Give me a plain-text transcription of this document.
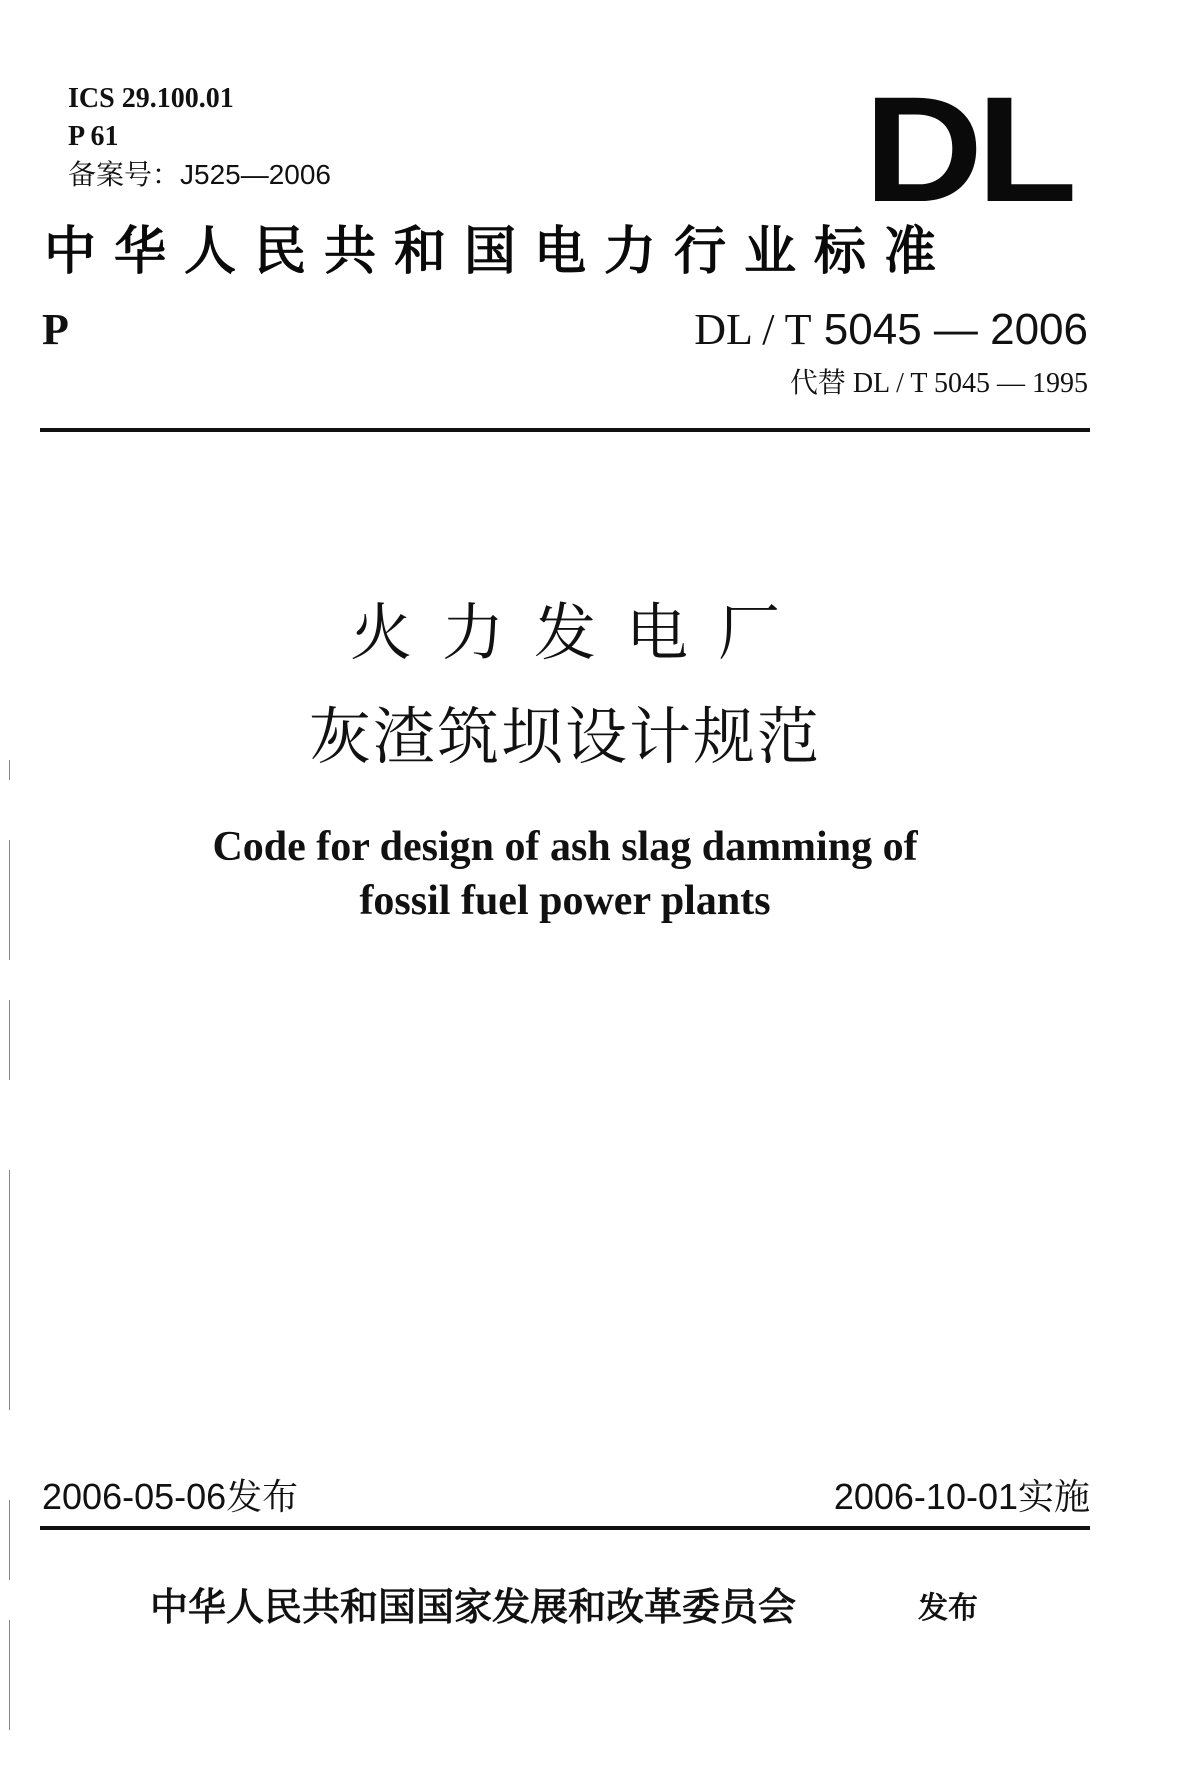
ICS 29.100.01
P 61
备案号：J525—2006	DL
中华人民共和国电力行业标准
P	DL / T 5045 — 2006
代替 DL / T 5045 — 1995
火力发电厂
灰渣筑坝设计规范
Code for design of ash slag damming of
fossil fuel power plants
2006-05-06发布	2006-10-01实施
中华人民共和国国家发展和改革委员会	发布
